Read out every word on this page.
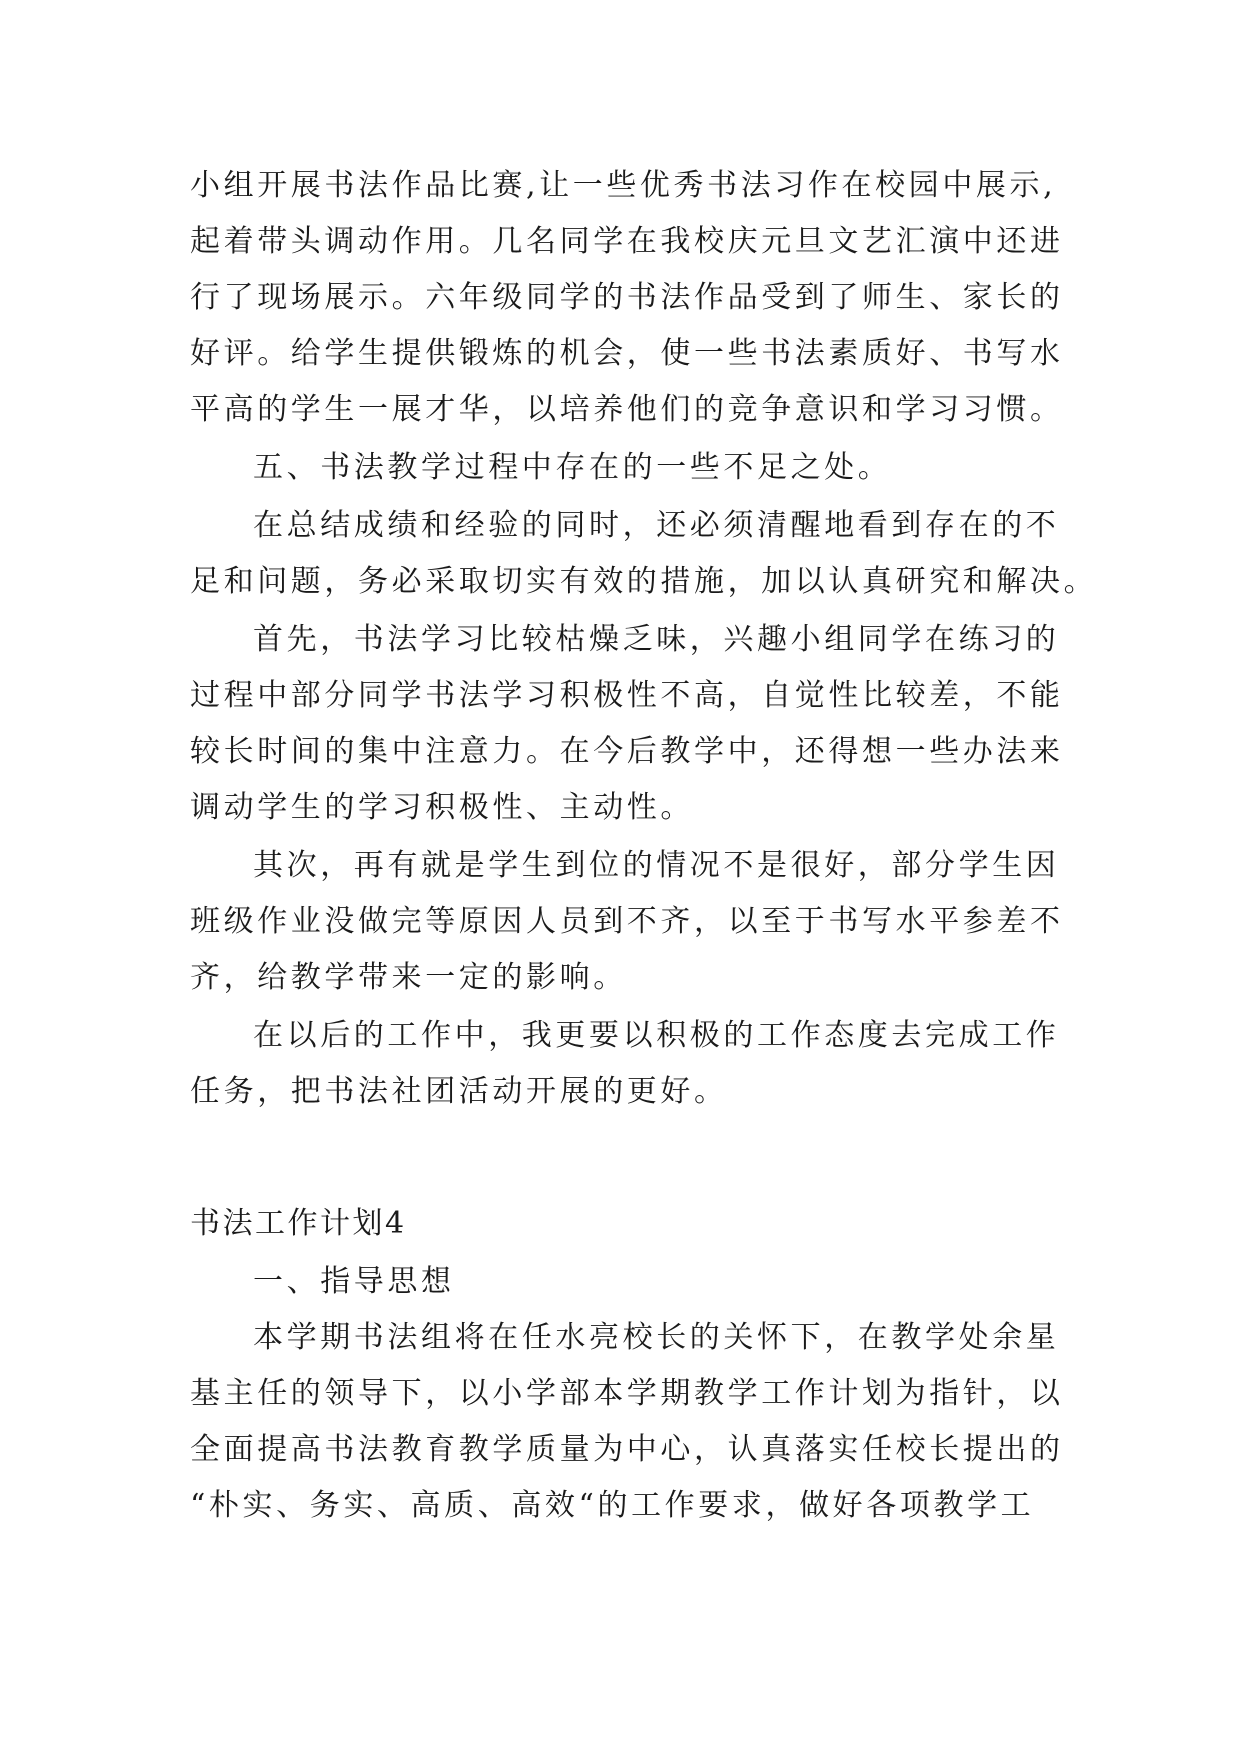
小组开展书法作品比赛,让一些优秀书法习作在校园中展示,
起着带头调动作用。几名同学在我校庆元旦文艺汇演中还进
行了现场展示。六年级同学的书法作品受到了师生、家长的
好评。给学生提供锻炼的机会，使一些书法素质好、书写水
平高的学生一展才华，以培养他们的竞争意识和学习习惯。
五、书法教学过程中存在的一些不足之处。
在总结成绩和经验的同时，还必须清醒地看到存在的不
足和问题，务必采取切实有效的措施，加以认真研究和解决。
首先，书法学习比较枯燥乏味，兴趣小组同学在练习的
过程中部分同学书法学习积极性不高，自觉性比较差，不能
较长时间的集中注意力。在今后教学中，还得想一些办法来
调动学生的学习积极性、主动性。
其次，再有就是学生到位的情况不是很好，部分学生因
班级作业没做完等原因人员到不齐，以至于书写水平参差不
齐，给教学带来一定的影响。
在以后的工作中，我更要以积极的工作态度去完成工作
任务，把书法社团活动开展的更好。
书法工作计划4
一、指导思想
本学期书法组将在任水亮校长的关怀下，在教学处余星
基主任的领导下，以小学部本学期教学工作计划为指针，以
全面提高书法教育教学质量为中心，认真落实任校长提出的
“朴实、务实、高质、高效“的工作要求，做好各项教学工
